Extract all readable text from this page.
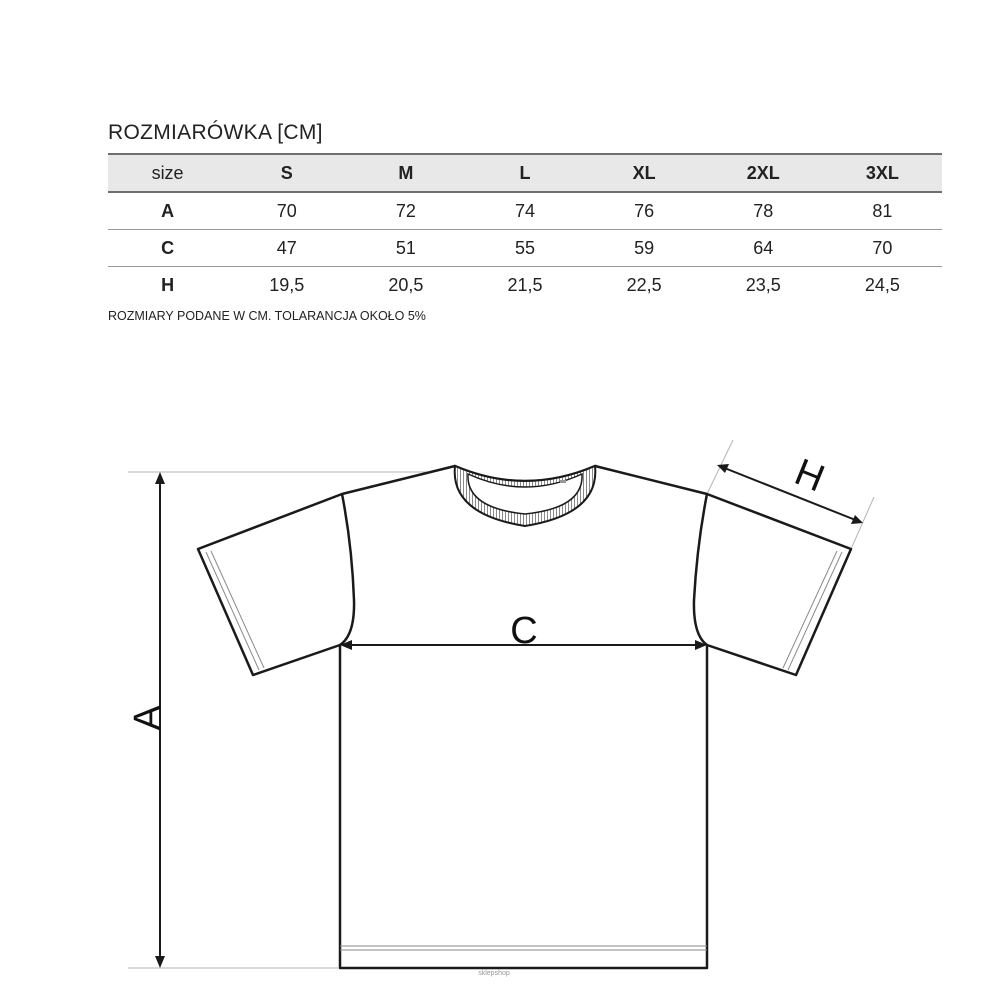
ROZMIARÓWKA [CM]
size	S	M	L	XL	2XL	3XL
A	70	72	74	76	78	81
C	47	51	55	59	64	70
H	19,5	20,5	21,5	22,5	23,5	24,5
ROZMIARY PODANE W CM. TOLARANCJA OKOŁO 5%
A
C
H
sklepshop
